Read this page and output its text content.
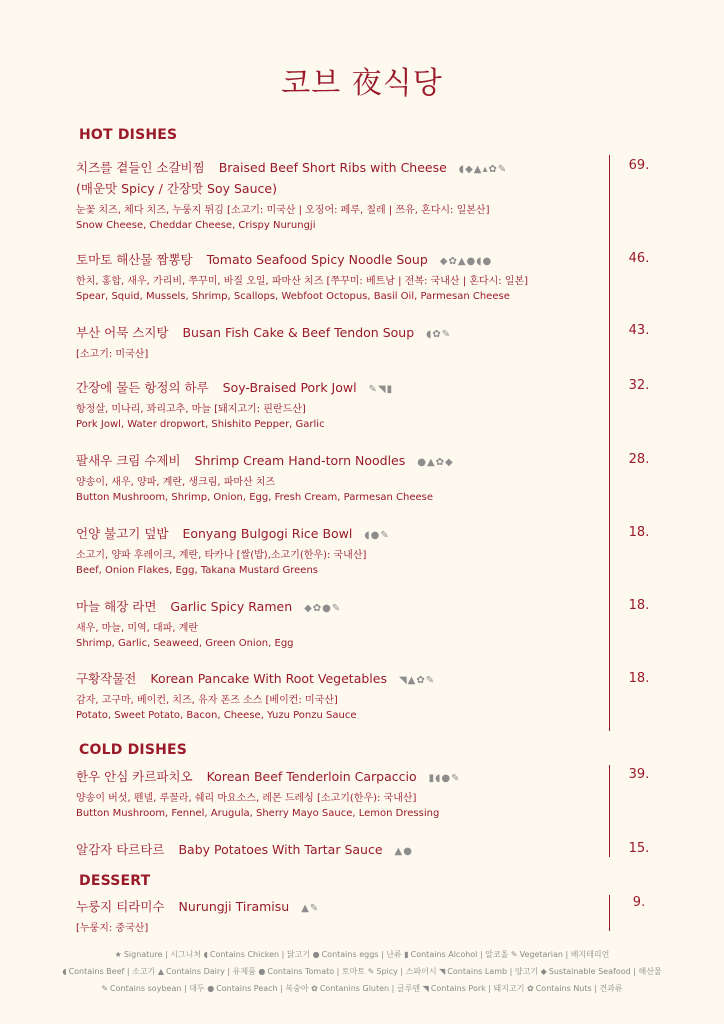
코브 夜식당
HOT DISHES
치즈를 곁들인 소갈비찜 Braised Beef Short Ribs with Cheese ◖◆▲▴✿✎
(매운맛 Spicy / 간장맛 Soy Sauce)
눈꽃 치즈, 체다 치즈, 누룽지 튀김 [소고기: 미국산 | 오징어: 페루, 칠레 | 쯔유, 혼다시: 일본산]
Snow Cheese, Cheddar Cheese, Crispy Nurungji
69.
토마토 해산물 짬뽕탕 Tomato Seafood Spicy Noodle Soup ◆✿▲●◖●
한치, 홍합, 새우, 가리비, 쭈꾸미, 바질 오일, 파마산 치즈 [쭈꾸미: 베트남 | 전복: 국내산 | 혼다시: 일본]
Spear, Squid, Mussels, Shrimp, Scallops, Webfoot Octopus, Basil Oil, Parmesan Cheese
46.
부산 어묵 스지탕 Busan Fish Cake & Beef Tendon Soup ◖✿✎
[소고기: 미국산]
43.
간장에 물든 항정의 하루 Soy-Braised Pork Jowl ✎◥▮
항정살, 미나리, 꽈리고추, 마늘 [돼지고기: 핀란드산]
Pork Jowl, Water dropwort, Shishito Pepper, Garlic
32.
팔새우 크림 수제비 Shrimp Cream Hand-torn Noodles ●▲✿◆
양송이, 새우, 양파, 계란, 생크림, 파마산 치즈
Button Mushroom, Shrimp, Onion, Egg, Fresh Cream, Parmesan Cheese
28.
언양 불고기 덮밥 Eonyang Bulgogi Rice Bowl ◖●✎
소고기, 양파 후레이크, 계란, 타카나 [쌀(밥),소고기(한우): 국내산]
Beef, Onion Flakes, Egg, Takana Mustard Greens
18.
마늘 해장 라면 Garlic Spicy Ramen ◆✿●✎
새우, 마늘, 미역, 대파, 계란
Shrimp, Garlic, Seaweed, Green Onion, Egg
18.
구황작물전 Korean Pancake With Root Vegetables ◥▲✿✎
감자, 고구마, 베이컨, 치즈, 유자 폰즈 소스 [베이컨: 미국산]
Potato, Sweet Potato, Bacon, Cheese, Yuzu Ponzu Sauce
18.
COLD DISHES
한우 안심 카르파치오 Korean Beef Tenderloin Carpaccio ▮◖●✎
양송이 버섯, 펜넬, 루꼴라, 쉐리 마요소스, 레몬 드레싱 [소고기(한우): 국내산]
Button Mushroom, Fennel, Arugula, Sherry Mayo Sauce, Lemon Dressing
39.
알감자 타르타르 Baby Potatoes With Tartar Sauce ▲●	15.
DESSERT
누룽지 티라미수 Nurungji Tiramisu ▲✎
[누룽지: 중국산]
9.
★ Signature | 시그니처 ◖ Contains Chicken | 닭고기 ● Contains eggs | 난류 ▮ Contains Alcohol | 알코올 ✎ Vegetarian | 베지테리언
◖ Contains Beef | 소고기 ▲ Contains Dairy | 유제품 ● Contains Tomato | 토마토 ✎ Spicy | 스파이시 ◥ Contains Lamb | 양고기 ◆ Sustainable Seafood | 해산물
✎ Contains soybean | 대두 ● Contains Peach | 복숭아 ✿ Contanins Gluten | 글루텐 ◥ Contains Pork | 돼지고기 ✿ Contains Nuts | 견과류
